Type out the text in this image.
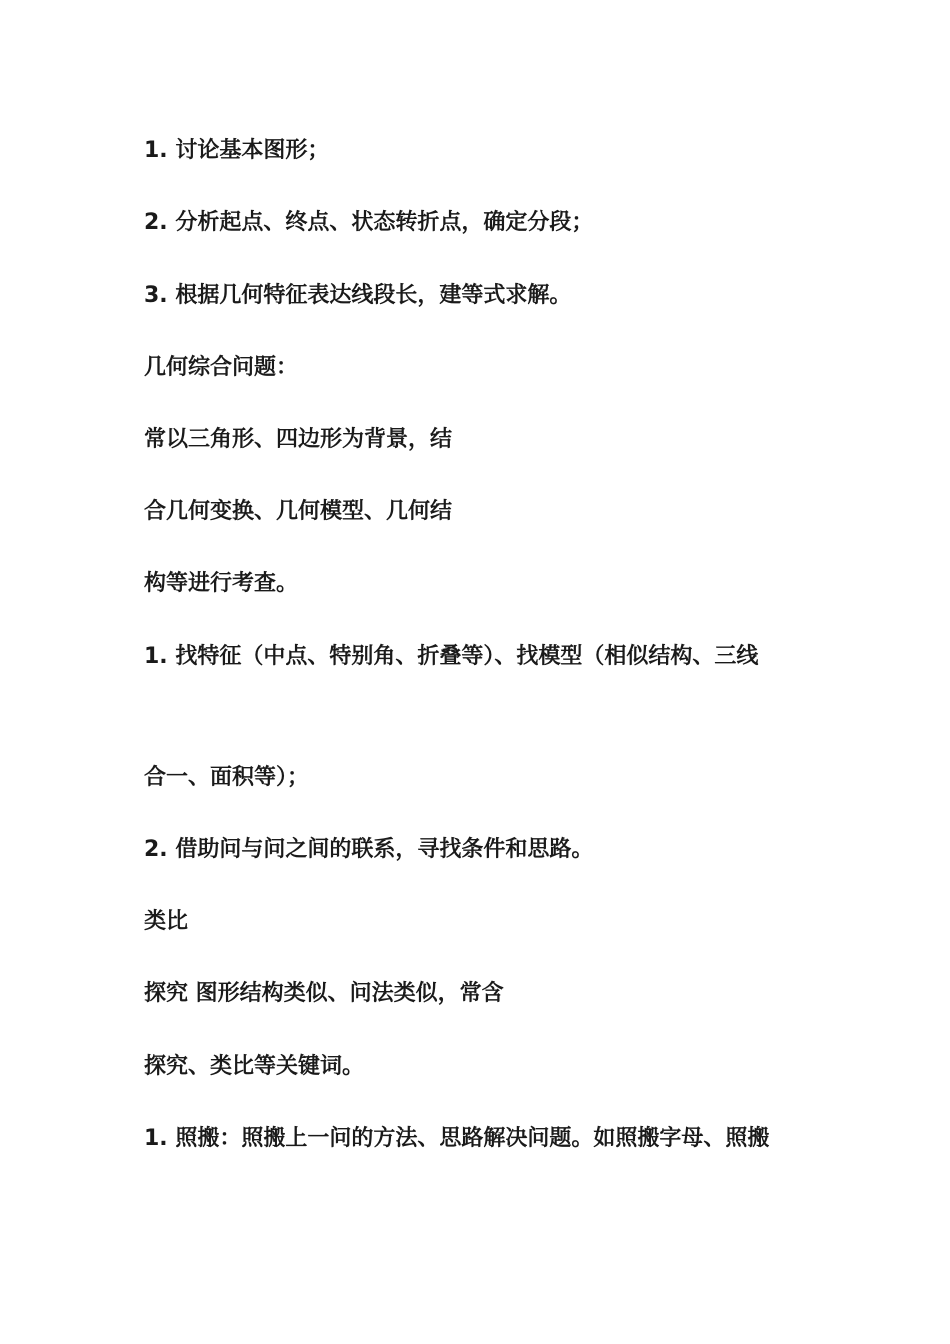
1. 讨论基本图形；
2. 分析起点、终点、状态转折点，确定分段；
3. 根据几何特征表达线段长，建等式求解。
几何综合问题：
常以三角形、四边形为背景，结
合几何变换、几何模型、几何结
构等进行考查。
1. 找特征（中点、特别角、折叠等）、找模型（相似结构、三线
合一、面积等）；
2. 借助问与问之间的联系，寻找条件和思路。
类比
探究 图形结构类似、问法类似，常含
探究、类比等关键词。
1. 照搬：照搬上一问的方法、思路解决问题。如照搬字母、照搬
